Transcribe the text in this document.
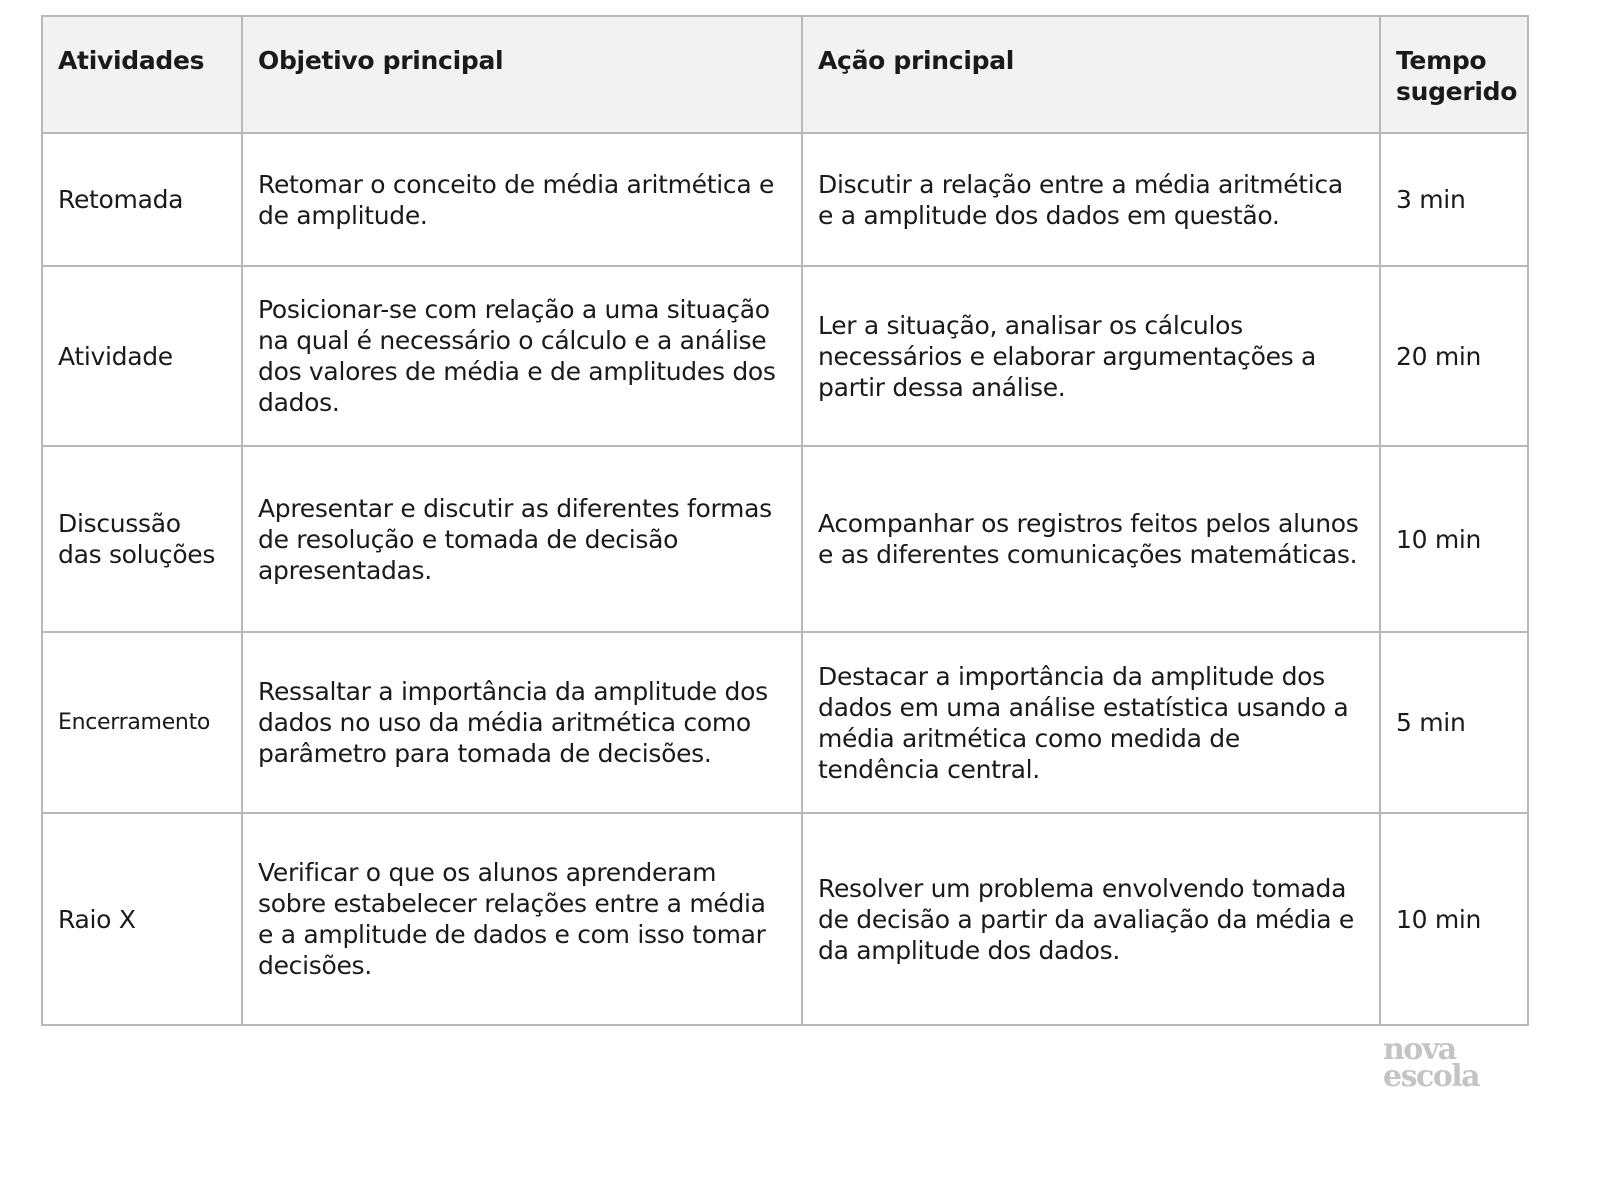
Atividades	Objetivo principal	Ação principal	Tempo sugerido
Retomada	Retomar o conceito de média aritmética e de amplitude.	Discutir a relação entre a média aritmética e a amplitude dos dados em questão.	3 min
Atividade	Posicionar-se com relação a uma situação na qual é necessário o cálculo e a análise dos valores de média e de amplitudes dos dados.	Ler a situação, analisar os cálculos necessários e elaborar argumentações a partir dessa análise.	20 min
Discussão das soluções	Apresentar e discutir as diferentes formas de resolução e tomada de decisão apresentadas.	Acompanhar os registros feitos pelos alunos e as diferentes comunicações matemáticas.	10 min
Encerramento	Ressaltar a importância da amplitude dos dados no uso da média aritmética como parâmetro para tomada de decisões.	Destacar a importância da amplitude dos dados em uma análise estatística usando a média aritmética como medida de tendência central.	5 min
Raio X	Verificar o que os alunos aprenderam sobre estabelecer relações entre a média e a amplitude de dados e com isso tomar decisões.	Resolver um problema envolvendo tomada de decisão a partir da avaliação da média e da amplitude dos dados.	10 min
nova
escola
